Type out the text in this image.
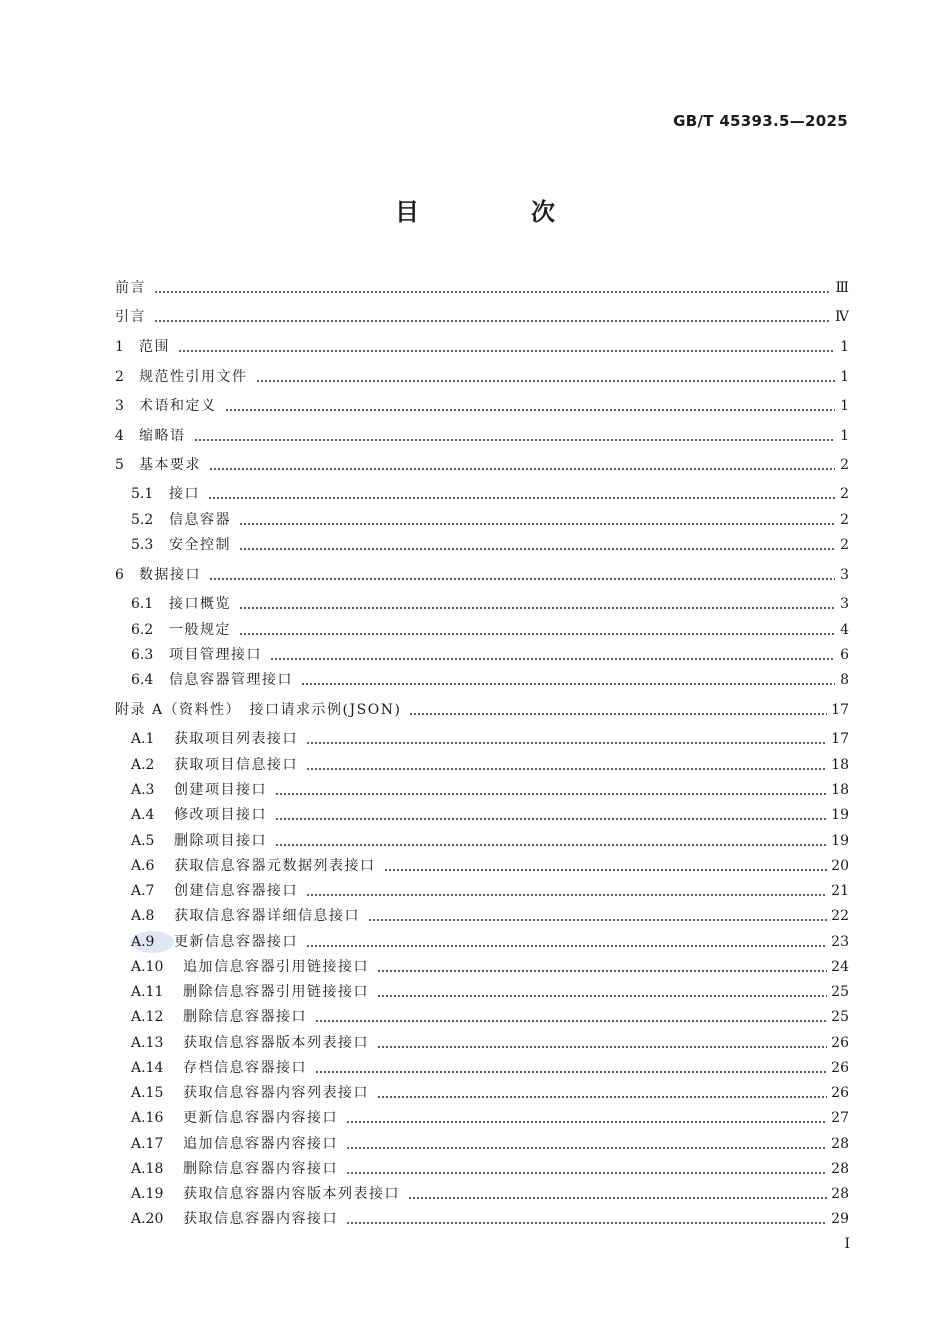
GB/T 45393.5—2025
目　次
前言	Ⅲ
引言	Ⅳ
1	范围	1
2	规范性引用文件	1
3	术语和定义	1
4	缩略语	1
5	基本要求	2
5.1	接口	2
5.2	信息容器	2
5.3	安全控制	2
6	数据接口	3
6.1	接口概览	3
6.2	一般规定	4
6.3	项目管理接口	6
6.4	信息容器管理接口	8
附录 A（资料性）　接口请求示例(JSON)	17
A.1	获取项目列表接口	17
A.2	获取项目信息接口	18
A.3	创建项目接口	18
A.4	修改项目接口	19
A.5	删除项目接口	19
A.6	获取信息容器元数据列表接口	20
A.7	创建信息容器接口	21
A.8	获取信息容器详细信息接口	22
A.9	更新信息容器接口	23
A.10	追加信息容器引用链接接口	24
A.11	删除信息容器引用链接接口	25
A.12	删除信息容器接口	25
A.13	获取信息容器版本列表接口	26
A.14	存档信息容器接口	26
A.15	获取信息容器内容列表接口	26
A.16	更新信息容器内容接口	27
A.17	追加信息容器内容接口	28
A.18	删除信息容器内容接口	28
A.19	获取信息容器内容版本列表接口	28
A.20	获取信息容器内容接口	29
I
